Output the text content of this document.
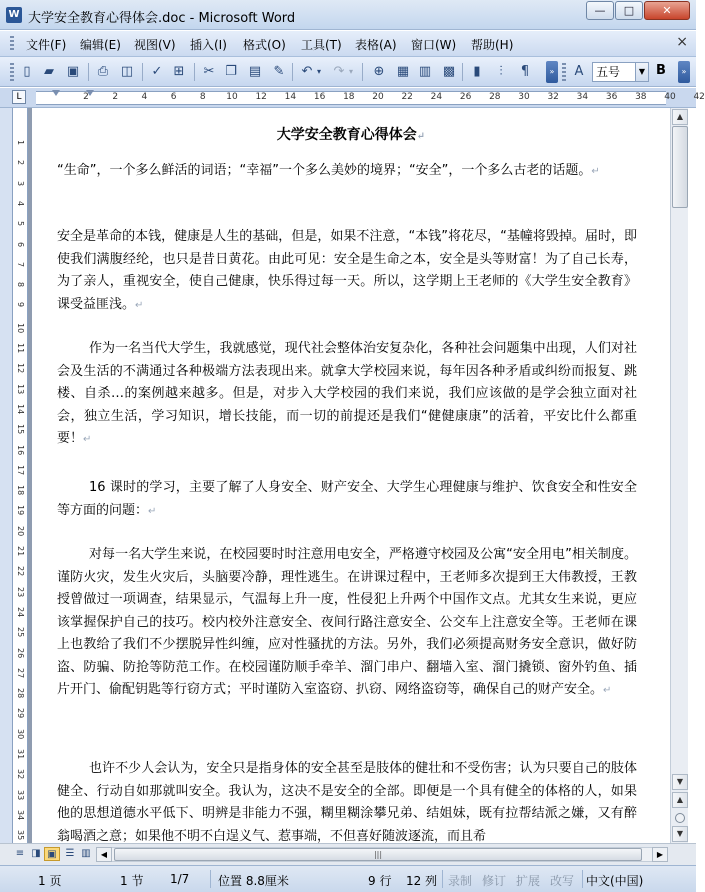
W 大学安全教育心得体会.doc - Microsoft Word
—	□	✕
文件(F) 编辑(E) 视图(V) 插入(I) 格式(O) 工具(T) 表格(A) 窗口(W) 帮助(H)	×
▯	▰ ▣ ⎙ ◫ ✓ ⊞ ✂ ❐ ▤ ✎ ↶ ▾ ↷ ▾ ⊕ ▦ ▥ ▩	▮	⫶	¶	»	A	五号	▼ B	»
L	2	2	4	6	8 10 12 14 16 18 20 22 24 26 28 30 32 34 36 38 40 42
1
2
3
4
5
6
7
8
9
10
11
12
13
14
15
16
17
18
19
20
21
22
23
24
25
26
27
28
29
30
31
32
33
34
35
大学安全教育心得体会↵
“生命”，一个多么鲜活的词语；“幸福”一个多么美妙的境界；“安全”，一个多么古老的话题。↵
安全是革命的本钱，健康是人生的基础，但是，如果不注意，“本钱”将花尽，“基幢将毁掉。届时，即使我们满腹经纶，也只是昔日黄花。由此可见：安全是生命之本，安全是头等财富！为了自己长寿，为了亲人，重视安全，使自己健康，快乐得过每一天。所以，这学期上王老师的《大学生安全教育》课受益匪浅。↵
作为一名当代大学生，我就感觉，现代社会整体治安复杂化，各种社会问题集中出现，人们对社会及生活的不满通过各种极端方法表现出来。就拿大学校园来说，每年因各种矛盾或纠纷而报复、跳楼、自杀…的案例越来越多。但是，对步入大学校园的我们来说，我们应该做的是学会独立面对社会，独立生活，学习知识，增长技能，而一切的前提还是我们“健健康康”的活着，平安比什么都重要！↵
16 课时的学习，主要了解了人身安全、财产安全、大学生心理健康与维护、饮食安全和性安全等方面的问题：↵
对每一名大学生来说，在校园要时时注意用电安全，严格遵守校园及公寓“安全用电”相关制度。谨防火灾，发生火灾后，头脑要冷静，理性逃生。在讲课过程中，王老师多次提到王大伟教授，王教授曾做过一项调查，结果显示，气温每上升一度，性侵犯上升两个中国作文点。尤其女生来说，更应该掌握保护自己的技巧。校内校外注意安全、夜间行路注意安全、公交车上注意安全等。王老师在课上也教给了我们不少摆脱异性纠缠，应对性骚扰的方法。另外，我们必须提高财务安全意识，做好防盗、防骗、防抢等防范工作。在校园谨防顺手牵羊、溜门串户、翻墙入室、溜门撬锁、窗外钓鱼、插片开门、偷配钥匙等行窃方式；平时谨防入室盗窃、扒窃、网络盗窃等，确保自己的财产安全。↵
也许不少人会认为，安全只是指身体的安全甚至是肢体的健壮和不受伤害；认为只要自己的肢体健全、行动自如那就叫安全。我认为，这决不是安全的全部。即便是一个具有健全的体格的人，如果他的思想道德水平低下、明辨是非能力不强，糊里糊涂攀兄弟、结姐妹，既有拉帮结派之嫌，又有醉翁喝酒之意；如果他不明不白逞义气、惹事端，不但喜好随波逐流，而且希
▲
▼
▲
▼
≡ ◨ ▣ ☰ ▥	◀	|||	▶
1 页	1 节 1/7 位置 8.8厘米	9 行 12 列 录制 修订 扩展 改写 中文(中国)
